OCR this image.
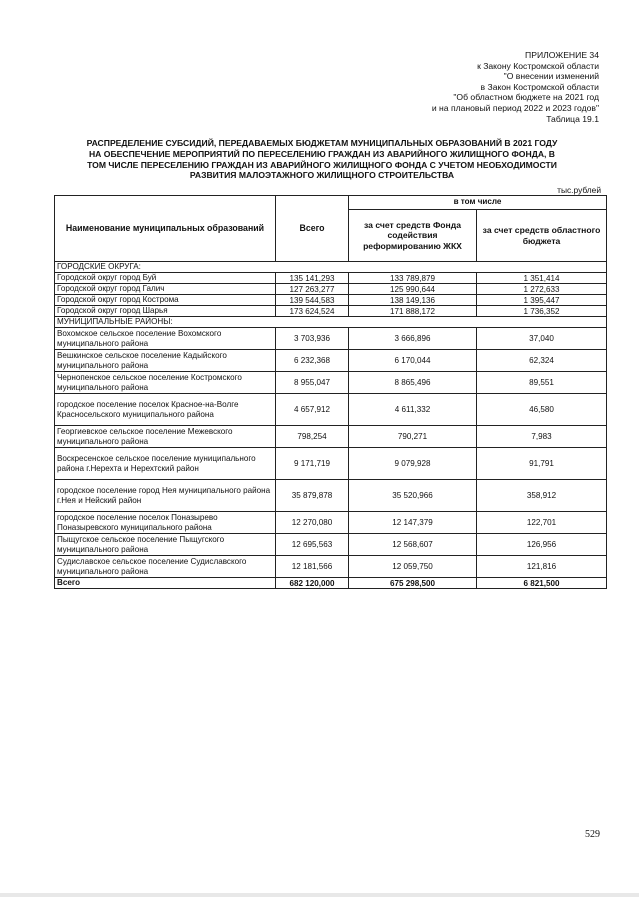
ПРИЛОЖЕНИЕ 34
к Закону Костромской области
"О внесении изменений
в Закон Костромской области
"Об областном бюджете на 2021 год
и на плановый период 2022 и 2023 годов"
Таблица 19.1
РАСПРЕДЕЛЕНИЕ СУБСИДИЙ, ПЕРЕДАВАЕМЫХ БЮДЖЕТАМ МУНИЦИПАЛЬНЫХ ОБРАЗОВАНИЙ В 2021 ГОДУ
НА ОБЕСПЕЧЕНИЕ МЕРОПРИЯТИЙ ПО ПЕРЕСЕЛЕНИЮ ГРАЖДАН ИЗ АВАРИЙНОГО ЖИЛИЩНОГО ФОНДА, В
ТОМ ЧИСЛЕ ПЕРЕСЕЛЕНИЮ ГРАЖДАН ИЗ АВАРИЙНОГО ЖИЛИЩНОГО ФОНДА С УЧЕТОМ НЕОБХОДИМОСТИ
РАЗВИТИЯ МАЛОЭТАЖНОГО ЖИЛИЩНОГО СТРОИТЕЛЬСТВА
тыс.рублей
Наименование муниципальных образований	Всего	в том числе	
		за счет средств Фонда содействия реформированию ЖКХ	за счет средств областного бюджета
ГОРОДСКИЕ ОКРУГА:			
Городской округ город Буй	135 141,293	133 789,879	1 351,414
Городской округ город Галич	127 263,277	125 990,644	1 272,633
Городской округ город Кострома	139 544,583	138 149,136	1 395,447
Городской округ город Шарья	173 624,524	171 888,172	1 736,352
МУНИЦИПАЛЬНЫЕ РАЙОНЫ:			
Вохомское сельское поселение Вохомского муниципального района	3 703,936	3 666,896	37,040
Вешкинское сельское поселение Кадыйского муниципального района	6 232,368	6 170,044	62,324
Чернопенское сельское поселение Костромского муниципального района	8 955,047	8 865,496	89,551
городское поселение поселок Красное-на-Волге Красносельского муниципального района	4 657,912	4 611,332	46,580
Георгиевское сельское поселение Межевского муниципального района	798,254	790,271	7,983
Воскресенское сельское поселение муниципального района г.Нерехта и Нерехтский район	9 171,719	9 079,928	91,791
городское поселение город Нея муниципального района г.Нея и Нейский район	35 879,878	35 520,966	358,912
городское поселение поселок Поназырево Поназыревского муниципального района	12 270,080	12 147,379	122,701
Пыщугское сельское поселение Пыщугского муниципального района	12 695,563	12 568,607	126,956
Судиславское сельское поселение Судиславского муниципального района	12 181,566	12 059,750	121,816
Всего	682 120,000	675 298,500	6 821,500
529
